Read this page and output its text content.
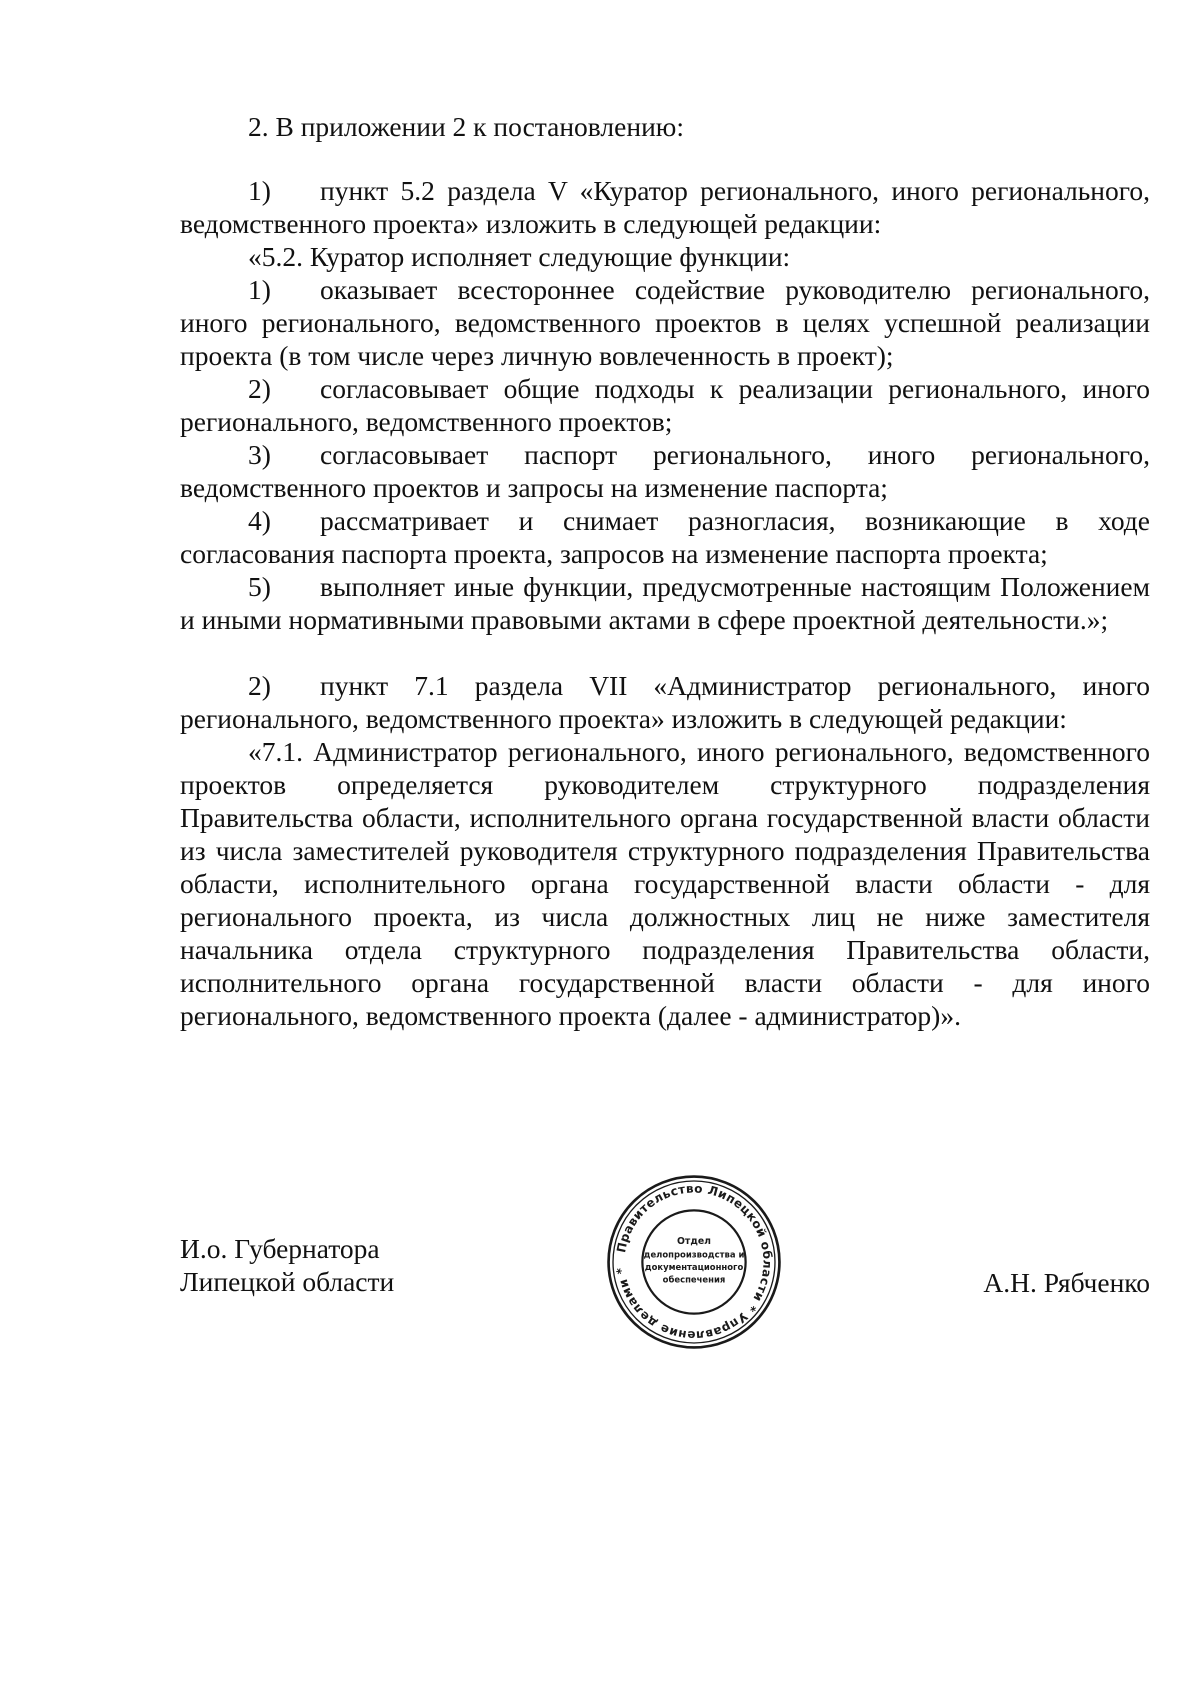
2. В приложении 2 к постановлению:

1) пункт 5.2 раздела V «Куратор регионального, иного регионального, ведомственного проекта» изложить в следующей редакции:

«5.2. Куратор исполняет следующие функции:

1) оказывает всестороннее содействие руководителю регионального, иного регионального, ведомственного проектов в целях успешной реализации проекта (в том числе через личную вовлеченность в проект);

2) согласовывает общие подходы к реализации регионального, иного регионального, ведомственного проектов;

3) согласовывает паспорт регионального, иного регионального, ведомственного проектов и запросы на изменение паспорта;

4) рассматривает и снимает разногласия, возникающие в ходе согласования паспорта проекта, запросов на изменение паспорта проекта;

5) выполняет иные функции, предусмотренные настоящим Положением и иными нормативными правовыми актами в сфере проектной деятельности.»;

2) пункт 7.1 раздела VII «Администратор регионального, иного регионального, ведомственного проекта» изложить в следующей редакции:

«7.1. Администратор регионального, иного регионального, ведомственного проектов определяется руководителем структурного подразделения Правительства области, исполнительного органа государственной власти области из числа заместителей руководителя структурного подразделения Правительства области, исполнительного органа государственной власти области - для регионального проекта, из числа должностных лиц не ниже заместителя начальника отдела структурного подразделения Правительства области, исполнительного органа государственной власти области - для иного регионального, ведомственного проекта (далее - администратор)».

И.о. Губернатора
Липецкой области
Правительство Липецкой области * Управление делами *
Отдел
делопроизводства и
документационного
обеспечения	А.Н. Рябченко
